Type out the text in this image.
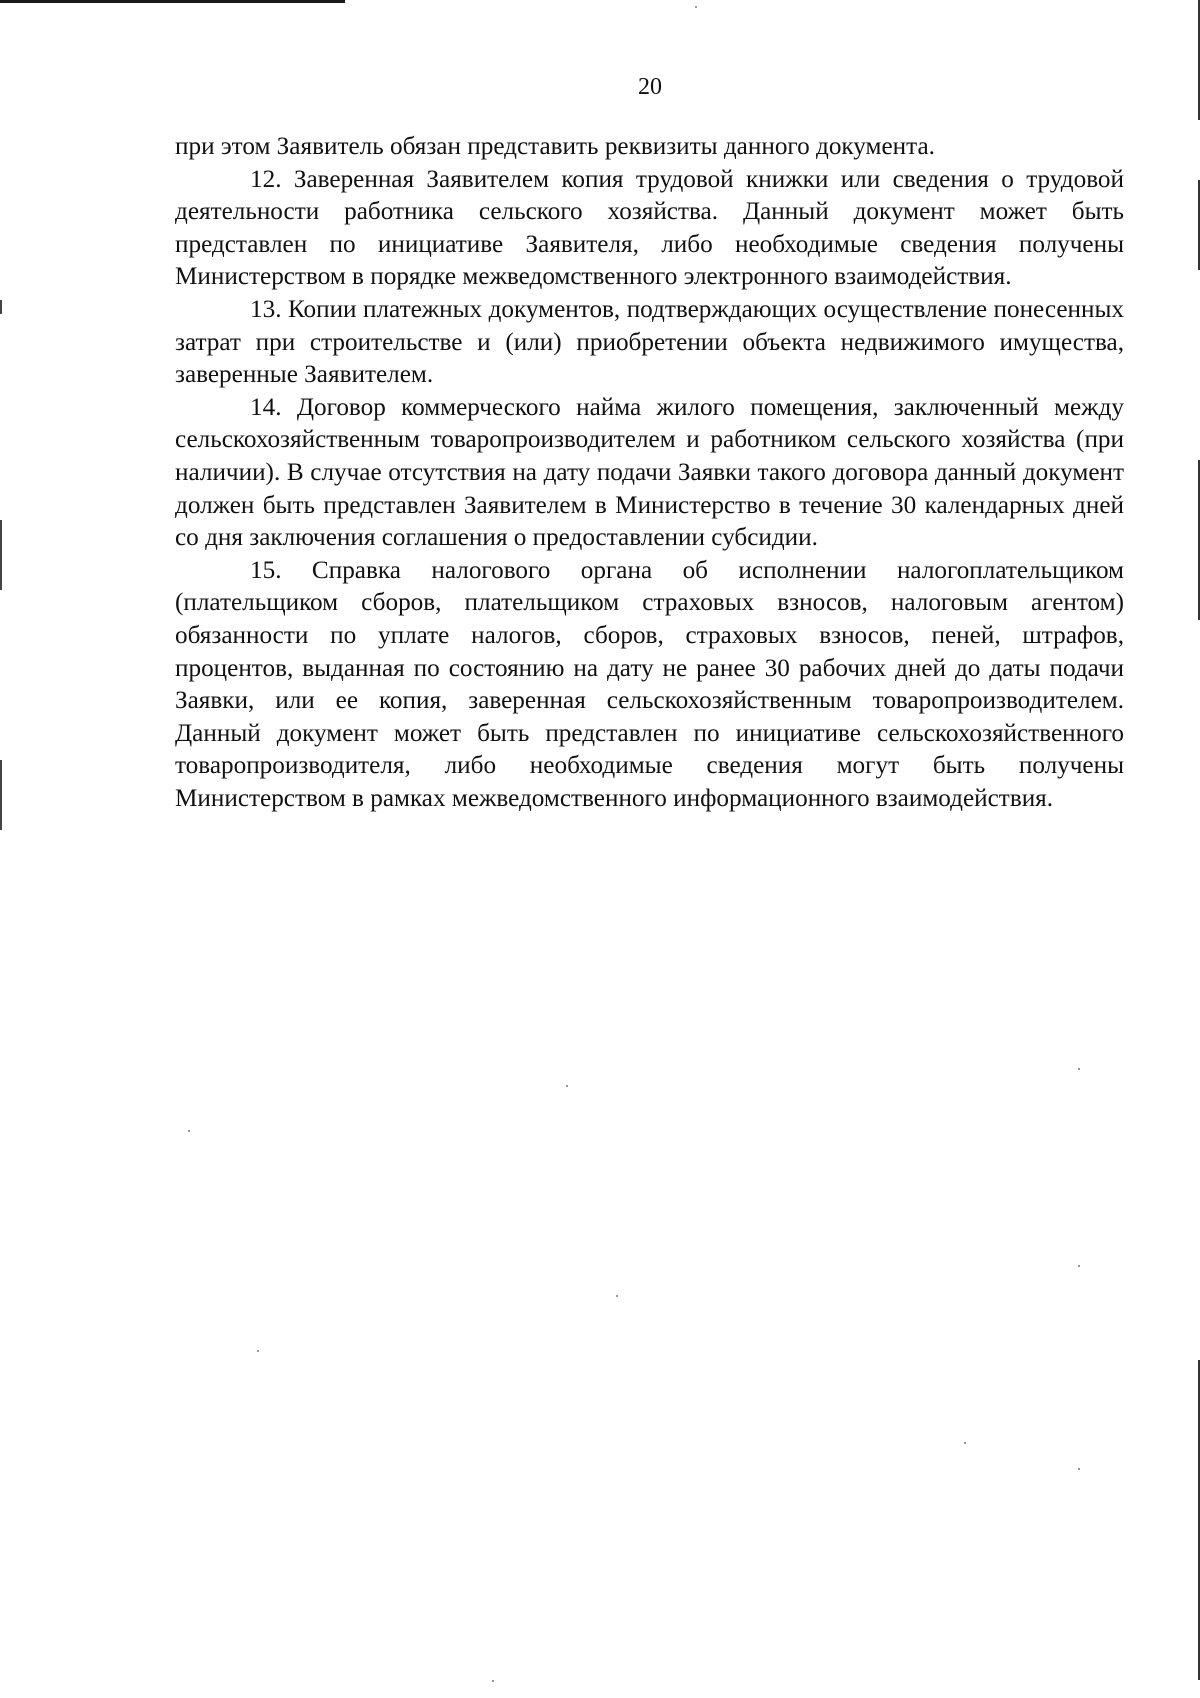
20

при этом Заявитель обязан представить реквизиты данного документа.

12. Заверенная Заявителем копия трудовой книжки или сведения о трудовой деятельности работника сельского хозяйства. Данный документ может быть представлен по инициативе Заявителя, либо необходимые сведения получены Министерством в порядке межведомственного электронного взаимодействия.

13. Копии платежных документов, подтверждающих осуществление понесенных затрат при строительстве и (или) приобретении объекта недвижимого имущества, заверенные Заявителем.

14. Договор коммерческого найма жилого помещения, заключенный между сельскохозяйственным товаропроизводителем и работником сельского хозяйства (при наличии). В случае отсутствия на дату подачи Заявки такого договора данный документ должен быть представлен Заявителем в Министерство в течение 30 календарных дней со дня заключения соглашения о предоставлении субсидии.

15. Справка налогового органа об исполнении налогоплательщиком (плательщиком сборов, плательщиком страховых взносов, налоговым агентом) обязанности по уплате налогов, сборов, страховых взносов, пеней, штрафов, процентов, выданная по состоянию на дату не ранее 30 рабочих дней до даты подачи Заявки, или ее копия, заверенная сельскохозяйственным товаропроизводителем. Данный документ может быть представлен по инициативе сельскохозяйственного товаропроизводителя, либо необходимые сведения могут быть получены Министерством в рамках межведомственного информационного взаимодействия.
